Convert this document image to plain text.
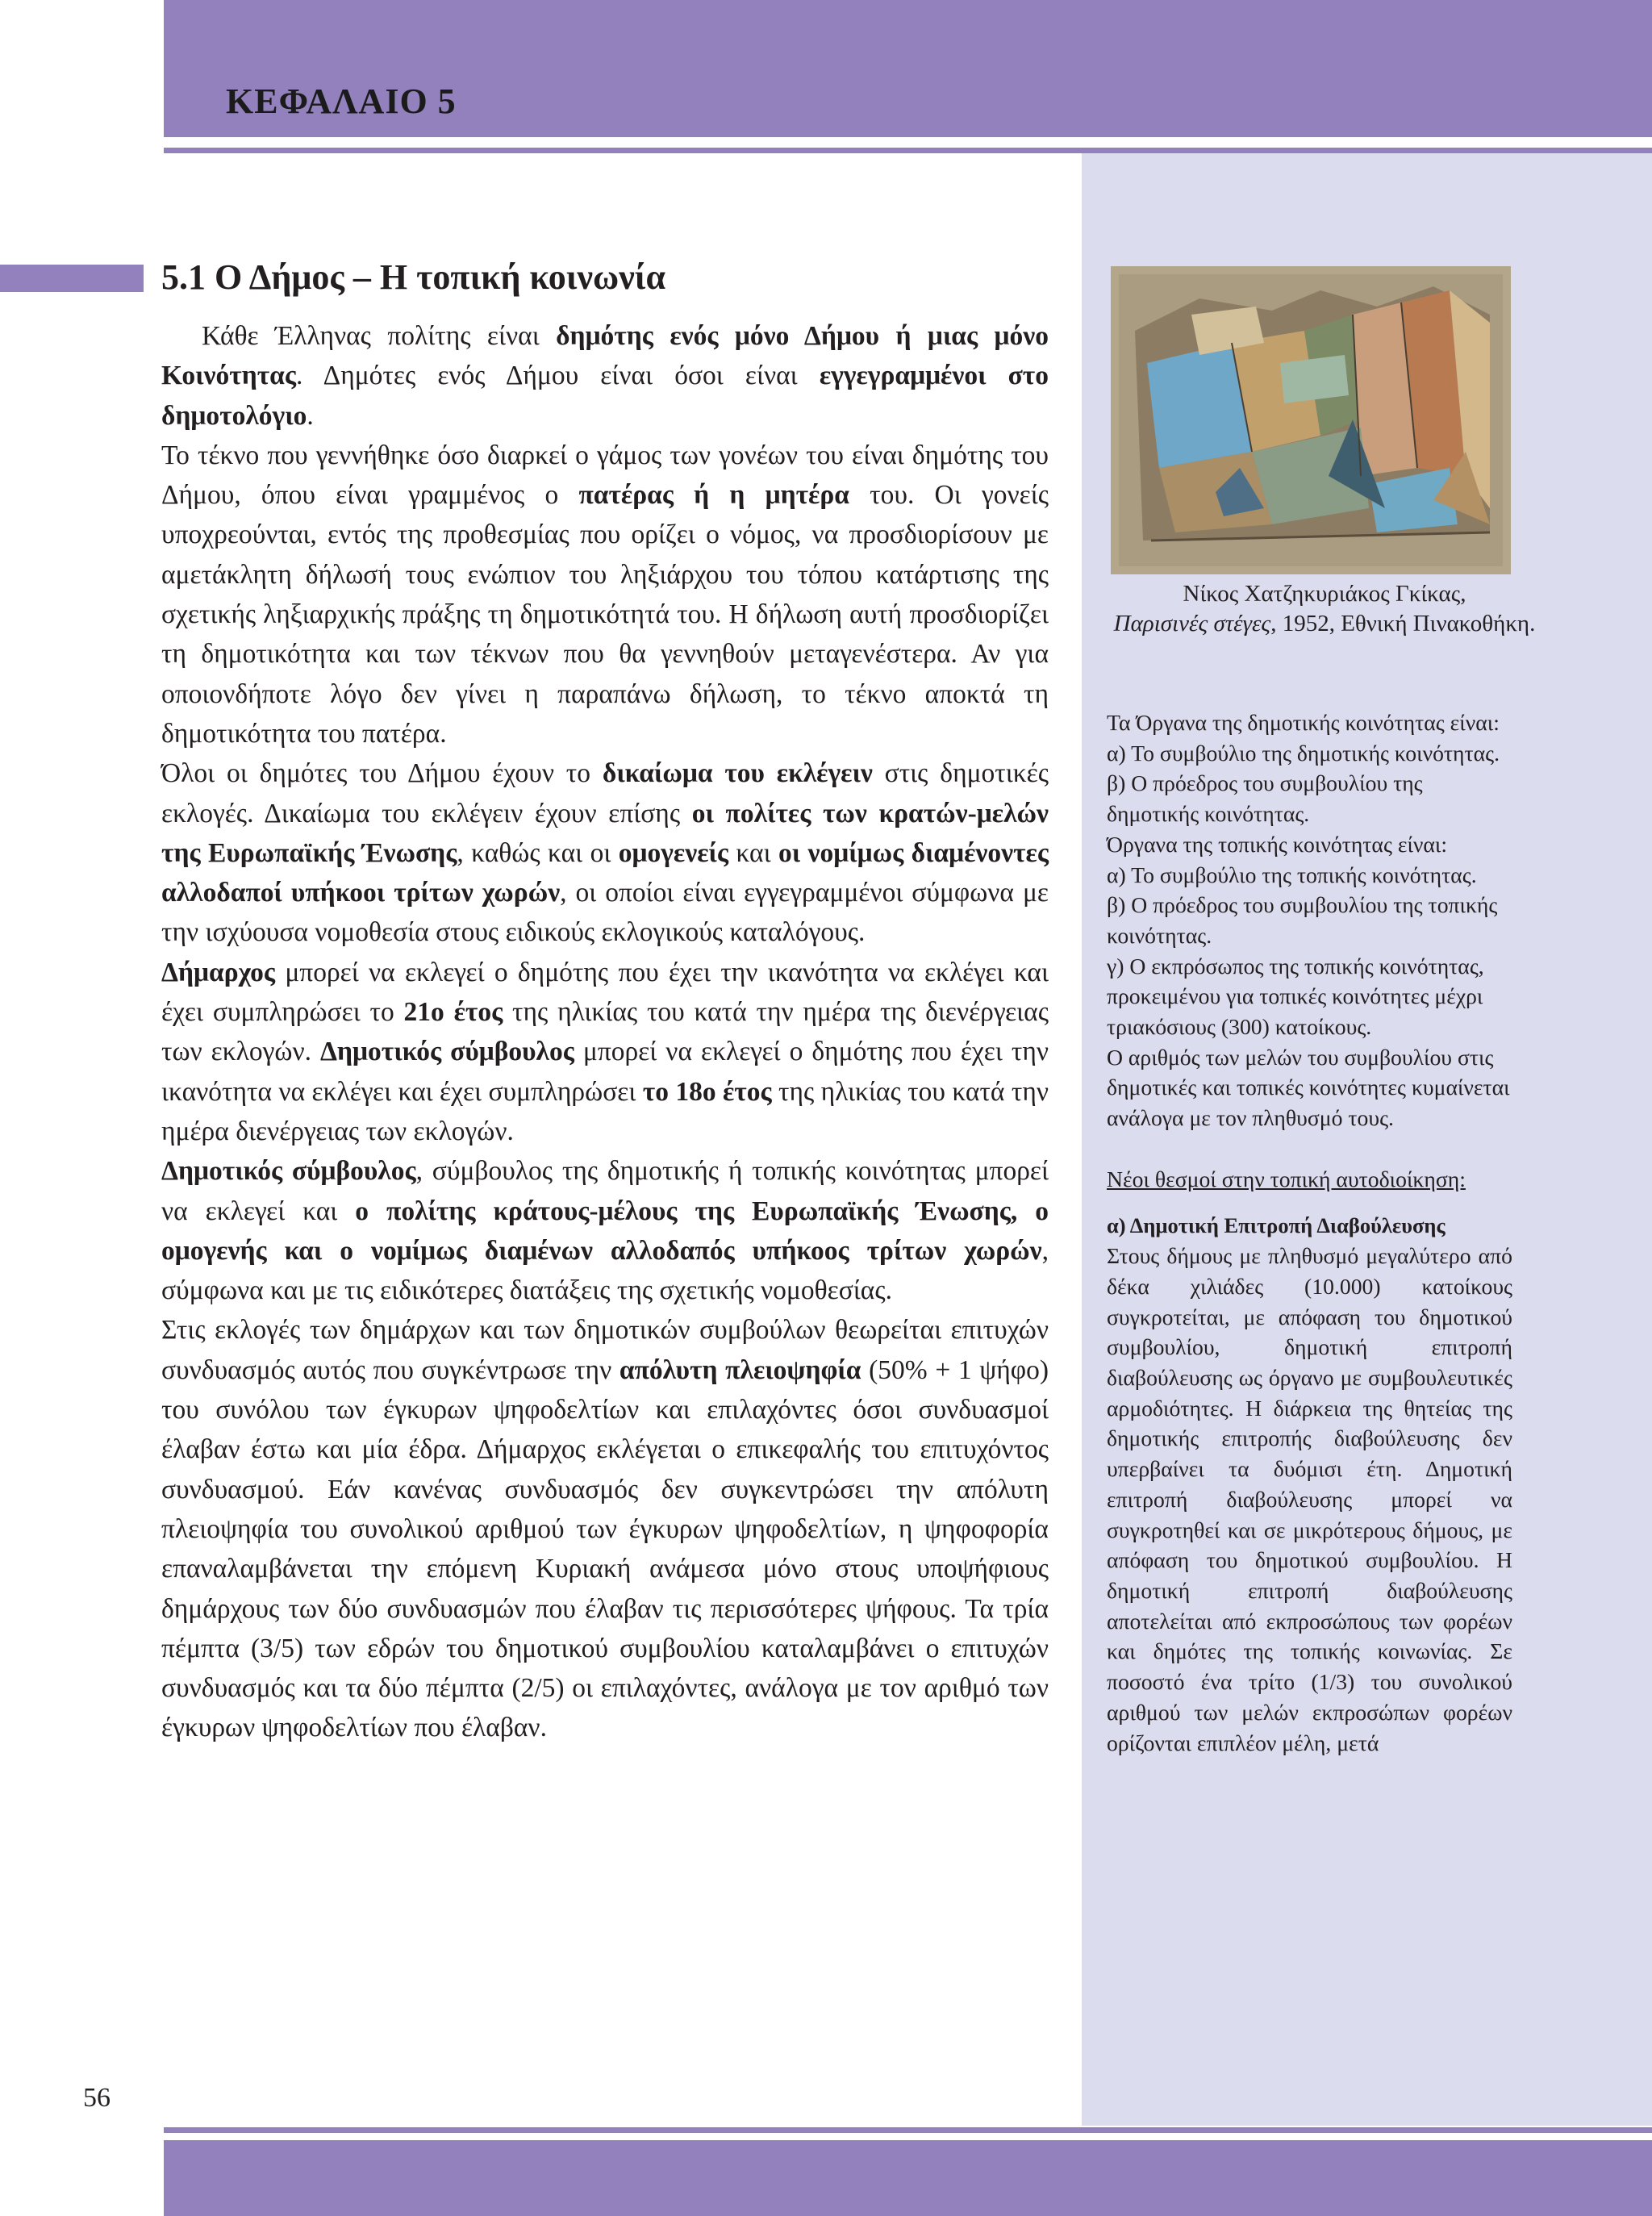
ΚΕΦΑΛΑΙΟ 5
5.1 Ο Δήμος – Η τοπική κοινωνία

Κάθε Έλληνας πολίτης είναι δημότης ενός μόνο Δήμου ή μιας μόνο Κοινότητας. Δημότες ενός Δήμου είναι όσοι είναι εγγεγραμμένοι στο δημοτολόγιο.

Το τέκνο που γεννήθηκε όσο διαρκεί ο γάμος των γονέων του είναι δημότης του Δήμου, όπου είναι γραμμένος ο πατέρας ή η μητέρα του. Οι γονείς υποχρεούνται, εντός της προθεσμίας που ορίζει ο νόμος, να προσδιορίσουν με αμετάκλητη δήλωσή τους ενώπιον του ληξιάρχου του τόπου κατάρτισης της σχετικής ληξιαρχικής πράξης τη δημοτικότητά του. Η δήλωση αυτή προσδιορίζει τη δημοτικότητα και των τέκνων που θα γεννηθούν μεταγενέστερα. Αν για οποιονδήποτε λόγο δεν γίνει η παραπάνω δήλωση, το τέκνο αποκτά τη δημοτικότητα του πατέρα.

Όλοι οι δημότες του Δήμου έχουν το δικαίωμα του εκλέγειν στις δημοτικές εκλογές. Δικαίωμα του εκλέγειν έχουν επίσης οι πολίτες των κρατών-μελών της Ευρωπαϊκής Ένωσης, καθώς και οι ομογενείς και οι νομίμως διαμένοντες αλλοδαποί υπήκοοι τρίτων χωρών, οι οποίοι είναι εγγεγραμμένοι σύμφωνα με την ισχύουσα νομοθεσία στους ειδικούς εκλογικούς καταλόγους.

Δήμαρχος μπορεί να εκλεγεί ο δημότης που έχει την ικανότητα να εκλέγει και έχει συμπληρώσει το 21ο έτος της ηλικίας του κατά την ημέρα της διενέργειας των εκλογών. Δημοτικός σύμβουλος μπορεί να εκλεγεί ο δημότης που έχει την ικανότητα να εκλέγει και έχει συμπληρώσει το 18ο έτος της ηλικίας του κατά την ημέρα διενέργειας των εκλογών.

Δημοτικός σύμβουλος, σύμβουλος της δημοτικής ή τοπικής κοινότητας μπορεί να εκλεγεί και ο πολίτης κράτους-μέλους της Ευρωπαϊκής Ένωσης, ο ομογενής και ο νομίμως διαμένων αλλοδαπός υπήκοος τρίτων χωρών, σύμφωνα και με τις ειδικότερες διατάξεις της σχετικής νομοθεσίας.

Στις εκλογές των δημάρχων και των δημοτικών συμβούλων θεωρείται επιτυχών συνδυασμός αυτός που συγκέντρωσε την απόλυτη πλειοψηφία (50% + 1 ψήφο) του συνόλου των έγκυρων ψηφοδελτίων και επιλαχόντες όσοι συνδυασμοί έλαβαν έστω και μία έδρα. Δήμαρχος εκλέγεται ο επικεφαλής του επιτυχόντος συνδυασμού. Εάν κανένας συνδυασμός δεν συγκεντρώσει την απόλυτη πλειοψηφία του συνολικού αριθμού των έγκυρων ψηφοδελτίων, η ψηφοφορία επαναλαμβάνεται την επόμενη Κυριακή ανάμεσα μόνο στους υποψήφιους δημάρχους των δύο συνδυασμών που έλαβαν τις περισσότερες ψήφους. Τα τρία πέμπτα (3/5) των εδρών του δημοτικού συμβουλίου καταλαμβάνει ο επιτυχών συνδυασμός και τα δύο πέμπτα (2/5) οι επιλαχόντες, ανάλογα με τον αριθμό των έγκυρων ψηφοδελτίων που έλαβαν.

Νίκος Χατζηκυριάκος Γκίκας,
Παρισινές στέγες, 1952, Εθνική Πινακοθήκη.

Τα Όργανα της δημοτικής κοινότητας είναι:

α) Το συμβούλιο της δημοτικής κοινότητας.

β) Ο πρόεδρος του συμβουλίου της δημοτικής κοινότητας.

Όργανα της τοπικής κοινότητας είναι:

α) Το συμβούλιο της τοπικής κοινότητας.

β) Ο πρόεδρος του συμβουλίου της τοπικής κοινότητας.

γ) Ο εκπρόσωπος της τοπικής κοινότητας, προκειμένου για τοπικές κοινότητες μέχρι τριακόσιους (300) κατοίκους.

Ο αριθμός των μελών του συμβουλίου στις δημοτικές και τοπικές κοινότητες κυμαίνεται ανάλογα με τον πληθυσμό τους.

Νέοι θεσμοί στην τοπική αυτοδιοίκηση:

α) Δημοτική Επιτροπή Διαβούλευσης

Στους δήμους με πληθυσμό μεγαλύτερο από δέκα χιλιάδες (10.000) κατοίκους συγκροτείται, με απόφαση του δημοτικού συμβουλίου, δημοτική επιτροπή διαβούλευσης ως όργανο με συμβουλευτικές αρμοδιότητες. Η διάρκεια της θητείας της δημοτικής επιτροπής διαβούλευσης δεν υπερβαίνει τα δυόμισι έτη. Δημοτική επιτροπή διαβούλευσης μπορεί να συγκροτηθεί και σε μικρότερους δήμους, με απόφαση του δημοτικού συμβουλίου. Η δημοτική επιτροπή διαβούλευσης αποτελείται από εκπροσώπους των φορέων και δημότες της τοπικής κοινωνίας. Σε ποσοστό ένα τρίτο (1/3) του συνολικού αριθμού των μελών εκπροσώπων φορέων ορίζονται επιπλέον μέλη, μετά

56
